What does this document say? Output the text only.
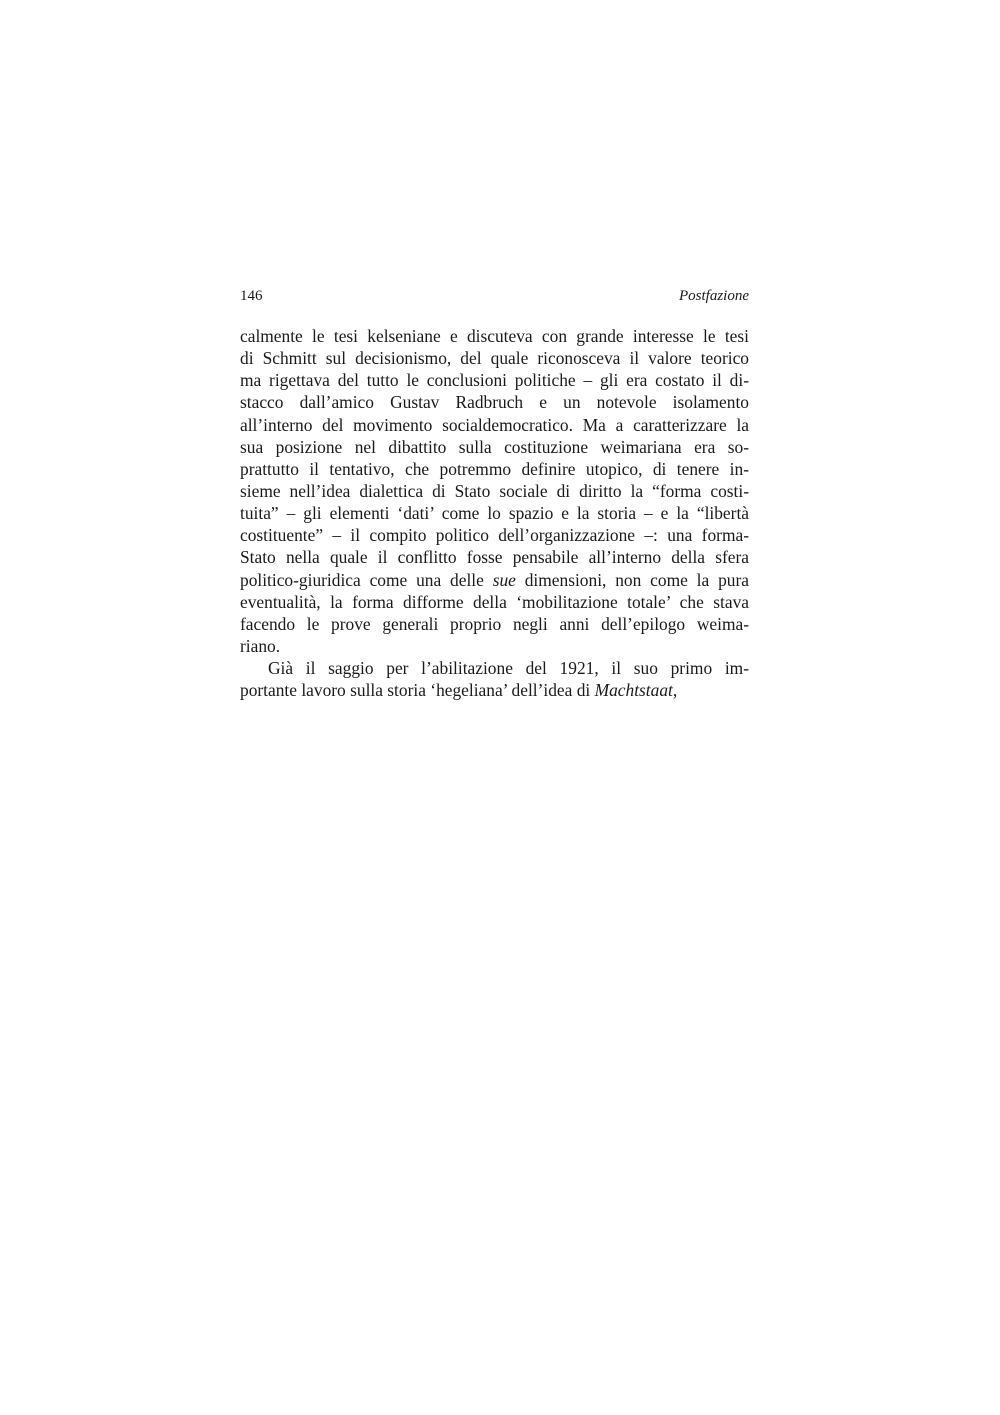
146	Postfazione
calmente le tesi kelseniane e discuteva con grande interesse le tesi
di Schmitt sul decisionismo, del quale riconosceva il valore teorico
ma rigettava del tutto le conclusioni politiche – gli era costato il di-
stacco dall’amico Gustav Radbruch e un notevole isolamento
all’interno del movimento socialdemocratico. Ma a caratterizzare la
sua posizione nel dibattito sulla costituzione weimariana era so-
prattutto il tentativo, che potremmo definire utopico, di tenere in-
sieme nell’idea dialettica di Stato sociale di diritto la “forma costi-
tuita” – gli elementi ‘dati’ come lo spazio e la storia – e la “libertà
costituente” – il compito politico dell’organizzazione –: una forma-
Stato nella quale il conflitto fosse pensabile all’interno della sfera
politico-giuridica come una delle sue dimensioni, non come la pura
eventualità, la forma difforme della ‘mobilitazione totale’ che stava
facendo le prove generali proprio negli anni dell’epilogo weima-
riano.
Già il saggio per l’abilitazione del 1921, il suo primo im-
portante lavoro sulla storia ‘hegeliana’ dell’idea di Machtstaat,
